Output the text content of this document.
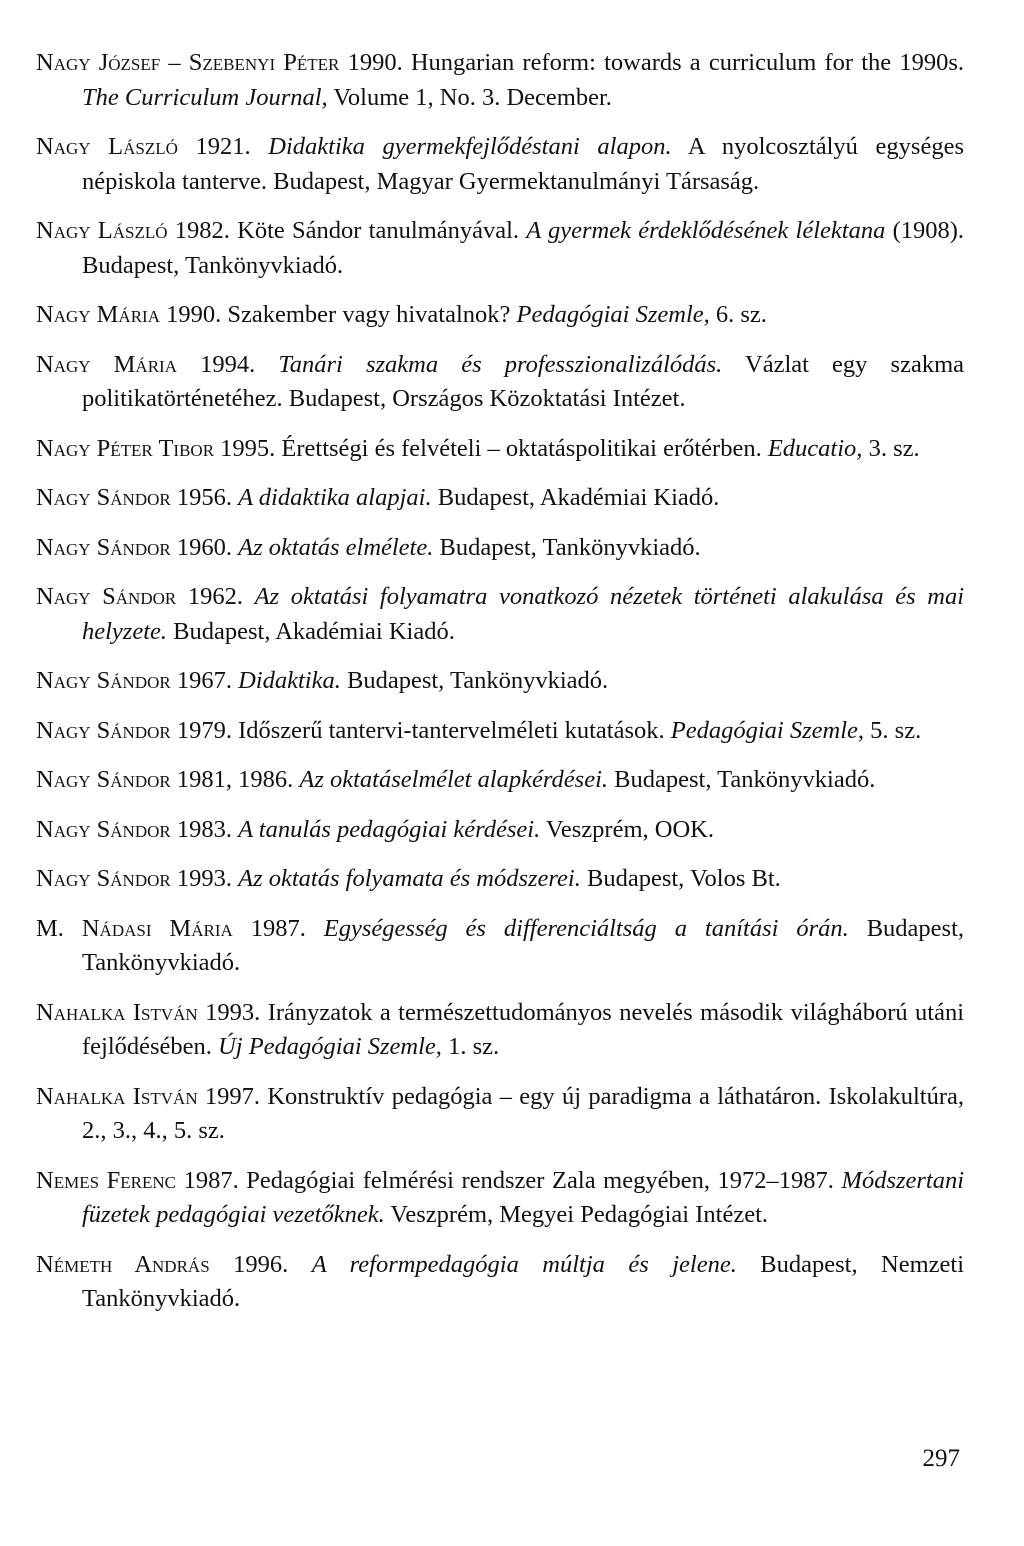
Nagy József – Szebenyi Péter 1990. Hungarian reform: towards a curriculum for the 1990s. The Curriculum Journal, Volume 1, No. 3. December.

Nagy László 1921. Didaktika gyermekfejlődéstani alapon. A nyolcosztályú egységes népiskola tanterve. Budapest, Magyar Gyermektanulmányi Társaság.

Nagy László 1982. Köte Sándor tanulmányával. A gyermek érdeklődésének lélektana (1908). Budapest, Tankönyvkiadó.

Nagy Mária 1990. Szakember vagy hivatalnok? Pedagógiai Szemle, 6. sz.

Nagy Mária 1994. Tanári szakma és professzionalizálódás. Vázlat egy szakma politikatörténetéhez. Budapest, Országos Közoktatási Intézet.

Nagy Péter Tibor 1995. Érettségi és felvételi – oktatáspolitikai erőtérben. Educatio, 3. sz.

Nagy Sándor 1956. A didaktika alapjai. Budapest, Akadémiai Kiadó.

Nagy Sándor 1960. Az oktatás elmélete. Budapest, Tankönyvkiadó.

Nagy Sándor 1962. Az oktatási folyamatra vonatkozó nézetek történeti alakulása és mai helyzete. Budapest, Akadémiai Kiadó.

Nagy Sándor 1967. Didaktika. Budapest, Tankönyvkiadó.

Nagy Sándor 1979. Időszerű tantervi-tantervelméleti kutatások. Pedagógiai Szemle, 5. sz.

Nagy Sándor 1981, 1986. Az oktatáselmélet alapkérdései. Budapest, Tankönyvkiadó.

Nagy Sándor 1983. A tanulás pedagógiai kérdései. Veszprém, OOK.

Nagy Sándor 1993. Az oktatás folyamata és módszerei. Budapest, Volos Bt.

M. Nádasi Mária 1987. Egységesség és differenciáltság a tanítási órán. Budapest, Tankönyvkiadó.

Nahalka István 1993. Irányzatok a természettudományos nevelés második világháború utáni fejlődésében. Új Pedagógiai Szemle, 1. sz.

Nahalka István 1997. Konstruktív pedagógia – egy új paradigma a láthatáron. Iskolakultúra, 2., 3., 4., 5. sz.

Nemes Ferenc 1987. Pedagógiai felmérési rendszer Zala megyében, 1972–1987. Módszertani füzetek pedagógiai vezetőknek. Veszprém, Megyei Pedagógiai Intézet.

Németh András 1996. A reformpedagógia múltja és jelene. Budapest, Nemzeti Tankönyvkiadó.

297
